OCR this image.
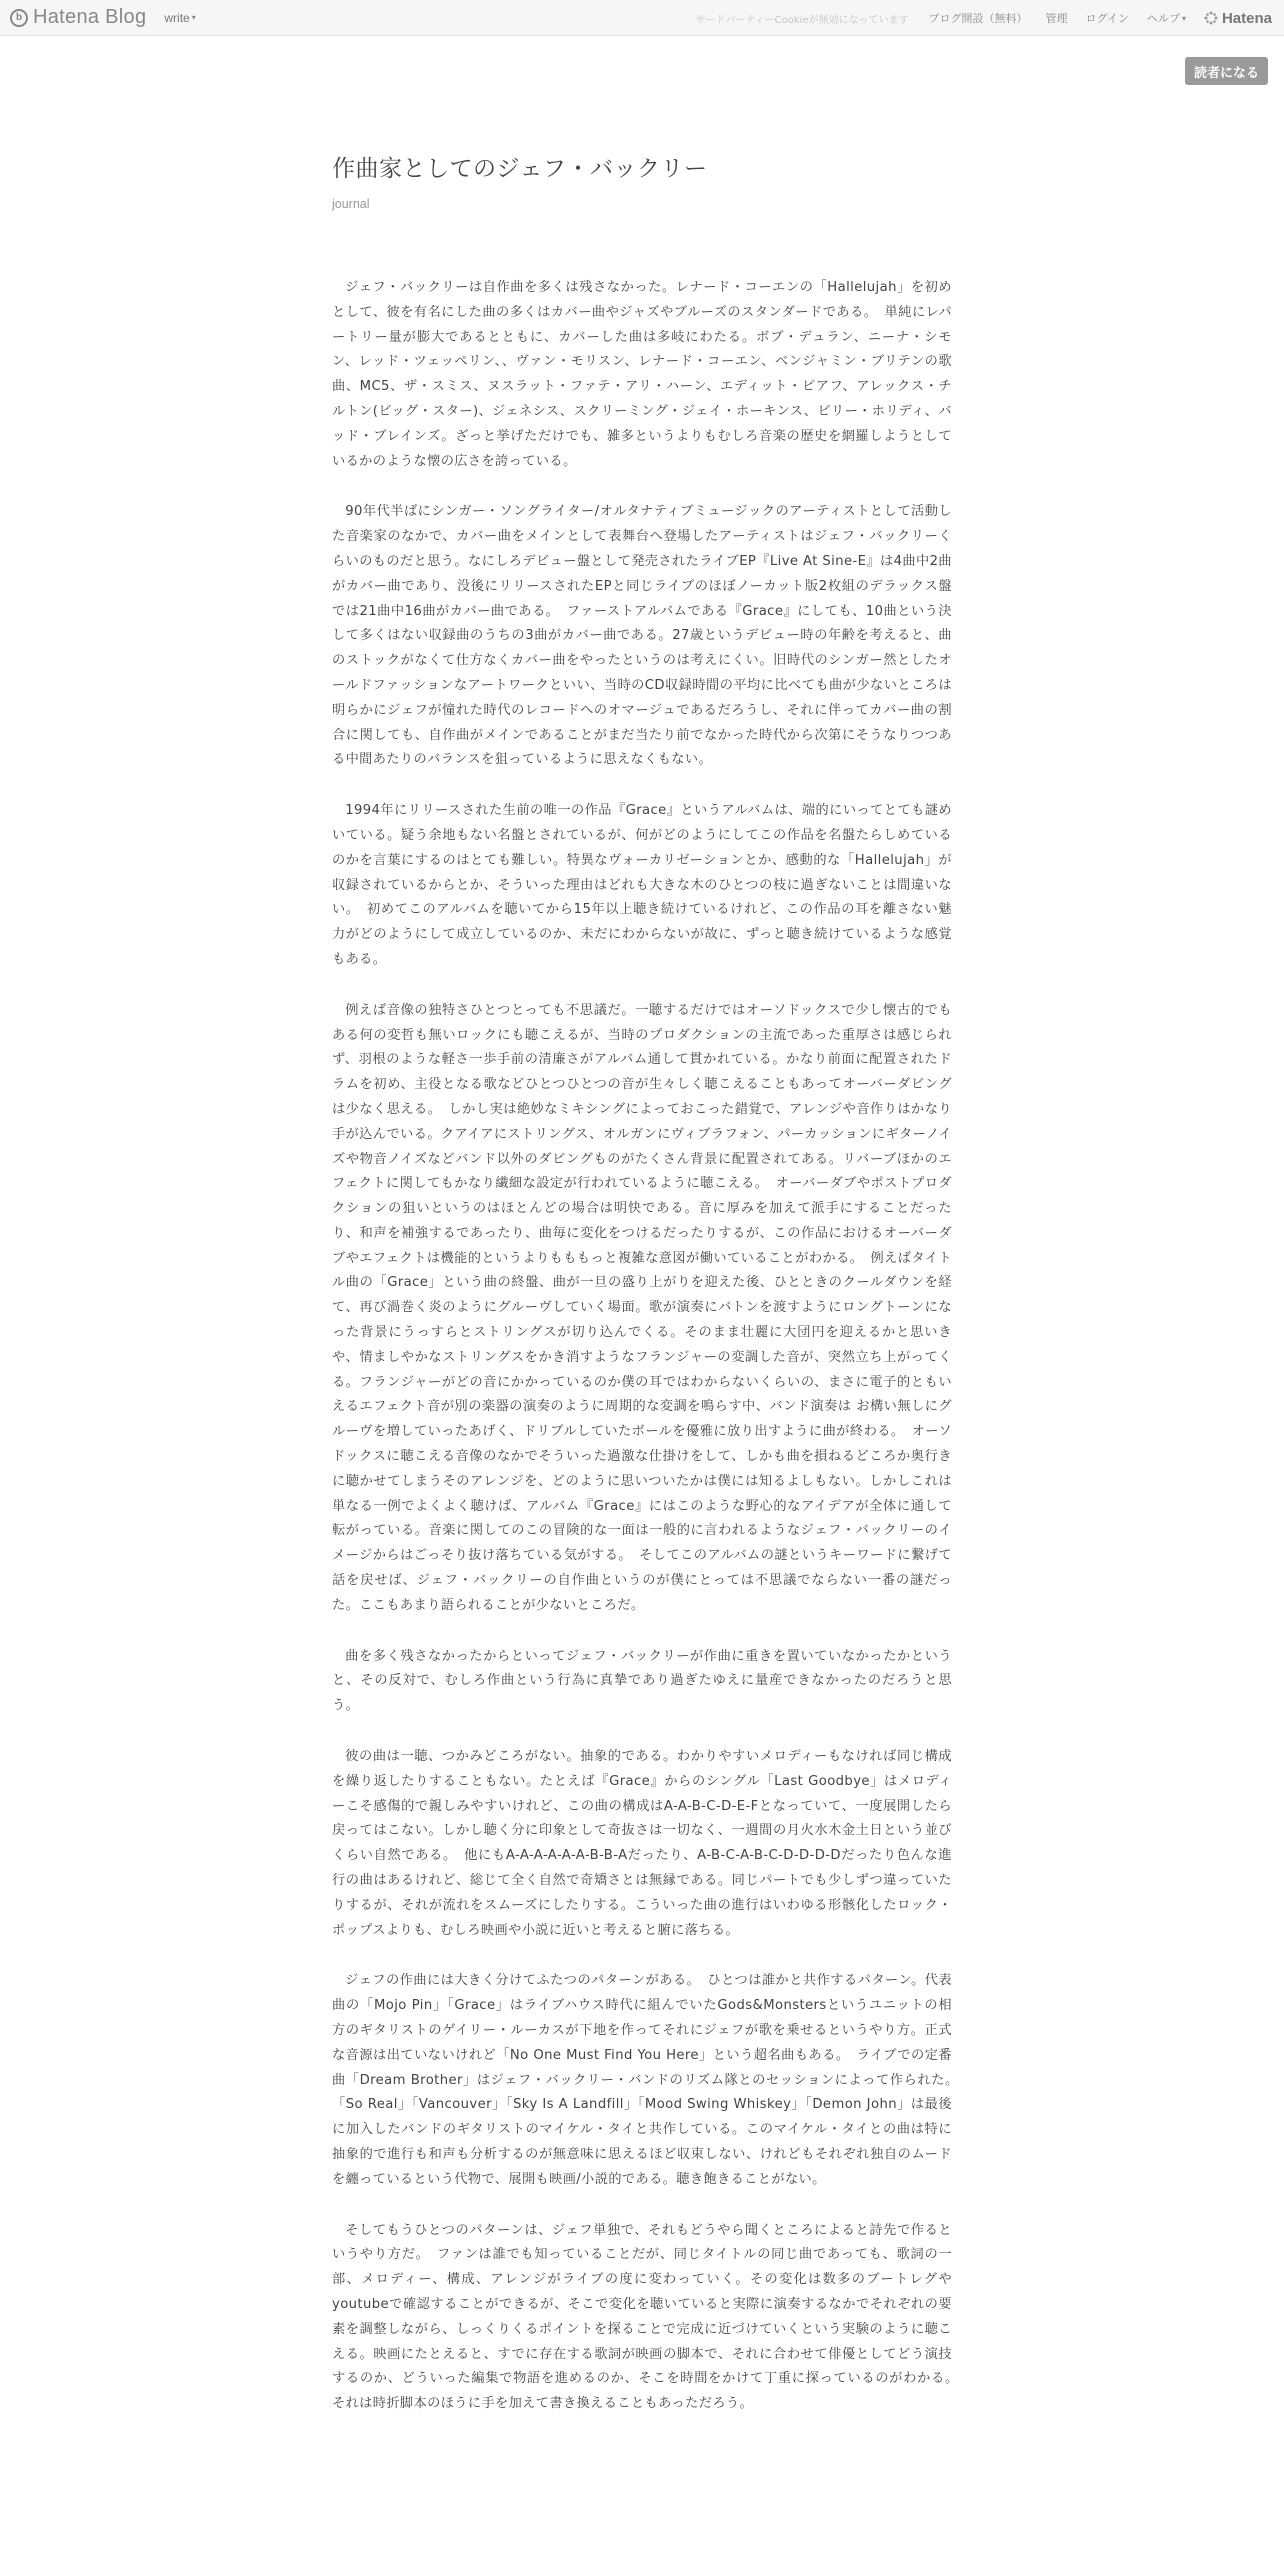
b Hatena Blog write ▾	サードパーティーCookieが無効になっています ブログ開設（無料） 管理 ログイン ヘルプ ▾ Hatena
読者になる
作曲家としてのジェフ・バックリー
journal

ジェフ・バックリーは自作曲を多くは残さなかった。レナード・コーエンの「Hallelujah」を初めとして、彼を有名にした曲の多くはカバー曲やジャズやブルーズのスタンダードである。　単純にレパートリー量が膨大であるとともに、カバーした曲は多岐にわたる。ボブ・デュラン、ニーナ・シモン、レッド・ツェッペリン、、ヴァン・モリスン、レナード・コーエン、ベンジャミン・ブリテンの歌曲、MC5、ザ・スミス、ヌスラット・ファテ・アリ・ハーン、エディット・ピアフ、アレックス・チルトン(ビッグ・スター)、ジェネシス、スクリーミング・ジェイ・ホーキンス、ビリー・ホリディ、バッド・ブレインズ。ざっと挙げただけでも、雑多というよりもむしろ音楽の歴史を網羅しようとしているかのような懐の広さを誇っている。

90年代半ばにシンガー・ソングライター/オルタナティブミュージックのアーティストとして活動した音楽家のなかで、カバー曲をメインとして表舞台へ登場したアーティストはジェフ・バックリーくらいのものだと思う。なにしろデビュー盤として発売されたライブEP『Live At Sine-E』は4曲中2曲がカバー曲であり、没後にリリースされたEPと同じライブのほぼノーカット版2枚組のデラックス盤では21曲中16曲がカバー曲である。　ファーストアルバムである『Grace』にしても、10曲という決して多くはない収録曲のうちの3曲がカバー曲である。27歳というデビュー時の年齢を考えると、曲のストックがなくて仕方なくカバー曲をやったというのは考えにくい。旧時代のシンガー然としたオールドファッションなアートワークといい、当時のCD収録時間の平均に比べても曲が少ないところは明らかにジェフが憧れた時代のレコードへのオマージュであるだろうし、それに伴ってカバー曲の割合に関しても、自作曲がメインであることがまだ当たり前でなかった時代から次第にそうなりつつある中間あたりのバランスを狙っているように思えなくもない。

1994年にリリースされた生前の唯一の作品『Grace』というアルバムは、端的にいってとても謎めいている。疑う余地もない名盤とされているが、何がどのようにしてこの作品を名盤たらしめているのかを言葉にするのはとても難しい。特異なヴォーカリゼーションとか、感動的な「Hallelujah」が収録されているからとか、そういった理由はどれも大きな木のひとつの枝に過ぎないことは間違いない。　初めてこのアルバムを聴いてから15年以上聴き続けているけれど、この作品の耳を離さない魅力がどのようにして成立しているのか、未だにわからないが故に、ずっと聴き続けているような感覚もある。

例えば音像の独特さひとつとっても不思議だ。一聴するだけではオーソドックスで少し懐古的でもある何の変哲も無いロックにも聴こえるが、当時のプロダクションの主流であった重厚さは感じられず、羽根のような軽さ一歩手前の清廉さがアルバム通して貫かれている。かなり前面に配置されたドラムを初め、主役となる歌などひとつひとつの音が生々しく聴こえることもあってオーバーダビングは少なく思える。　しかし実は絶妙なミキシングによっておこった錯覚で、アレンジや音作りはかなり手が込んでいる。クアイアにストリングス、オルガンにヴィブラフォン、パーカッションにギターノイズや物音ノイズなどバンド以外のダビングものがたくさん背景に配置されてある。リバーブほかのエフェクトに関してもかなり繊細な設定が行われているように聴こえる。　オーバーダブやポストプロダクションの狙いというのはほとんどの場合は明快である。音に厚みを加えて派手にすることだったり、和声を補強するであったり、曲毎に変化をつけるだったりするが、この作品におけるオーバーダブやエフェクトは機能的というよりもももっと複雑な意図が働いていることがわかる。　例えばタイトル曲の「Grace」という曲の終盤、曲が一旦の盛り上がりを迎えた後、ひとときのクールダウンを経て、再び渦巻く炎のようにグルーヴしていく場面。歌が演奏にバトンを渡すようにロングトーンになった背景にうっすらとストリングスが切り込んでくる。そのまま壮麗に大団円を迎えるかと思いきや、情ましやかなストリングスをかき消すようなフランジャーの変調した音が、突然立ち上がってくる。フランジャーがどの音にかかっているのか僕の耳ではわからないくらいの、まさに電子的ともいえるエフェクト音が別の楽器の演奏のように周期的な変調を鳴らす中、バンド演奏は お構い無しにグルーヴを増していったあげく、ドリブルしていたボールを優雅に放り出すように曲が終わる。　オーソドックスに聴こえる音像のなかでそういった過激な仕掛けをして、しかも曲を損ねるどころか奥行きに聴かせてしまうそのアレンジを、どのように思いついたかは僕には知るよしもない。しかしこれは単なる一例でよくよく聴けば、アルバム『Grace』にはこのような野心的なアイデアが全体に通して転がっている。音楽に関してのこの冒険的な一面は一般的に言われるようなジェフ・バックリーのイメージからはごっそり抜け落ちている気がする。　そしてこのアルバムの謎というキーワードに繋げて話を戻せば、ジェフ・バックリーの自作曲というのが僕にとっては不思議でならない一番の謎だった。ここもあまり語られることが少ないところだ。

曲を多く残さなかったからといってジェフ・バックリーが作曲に重きを置いていなかったかというと、その反対で、むしろ作曲という行為に真摯であり過ぎたゆえに量産できなかったのだろうと思う。

彼の曲は一聴、つかみどころがない。抽象的である。わかりやすいメロディーもなければ同じ構成を繰り返したりすることもない。たとえば『Grace』からのシングル「Last Goodbye」はメロディーこそ感傷的で親しみやすいけれど、この曲の構成はA-A-B-C-D-E-Fとなっていて、一度展開したら戻ってはこない。しかし聴く分に印象として奇抜さは一切なく、一週間の月火水木金土日という並びくらい自然である。　他にもA-A-A-A-A-A-B-B-Aだったり、A-B-C-A-B-C-D-D-D-Dだったり色んな進行の曲はあるけれど、総じて全く自然で奇矯さとは無縁である。同じパートでも少しずつ違っていたりするが、それが流れをスムーズにしたりする。こういった曲の進行はいわゆる形骸化したロック・ポップスよりも、むしろ映画や小説に近いと考えると腑に落ちる。

ジェフの作曲には大きく分けてふたつのパターンがある。　ひとつは誰かと共作するパターン。代表曲の「Mojo Pin」「Grace」はライブハウス時代に組んでいたGods&Monstersというユニットの相方のギタリストのゲイリー・ルーカスが下地を作ってそれにジェフが歌を乗せるというやり方。正式な音源は出ていないけれど「No One Must Find You Here」という超名曲もある。　ライブでの定番曲「Dream Brother」はジェフ・バックリー・バンドのリズム隊とのセッションによって作られた。　「So Real」「Vancouver」「Sky Is A Landfill」「Mood Swing Whiskey」「Demon John」は最後に加入したバンドのギタリストのマイケル・タイと共作している。このマイケル・タイとの曲は特に抽象的で進行も和声も分析するのが無意味に思えるほど収束しない、けれどもそれぞれ独自のムードを纏っているという代物で、展開も映画/小説的である。聴き飽きることがない。

そしてもうひとつのパターンは、ジェフ単独で、それもどうやら聞くところによると詩先で作るというやり方だ。　ファンは誰でも知っていることだが、同じタイトルの同じ曲であっても、歌詞の一部、メロディー、構成、アレンジがライブの度に変わっていく。その変化は数多のブートレグやyoutubeで確認することができるが、そこで変化を聴いていると実際に演奏するなかでそれぞれの要素を調整しながら、しっくりくるポイントを探ることで完成に近づけていくという実験のように聴こえる。映画にたとえると、すでに存在する歌詞が映画の脚本で、それに合わせて俳優としてどう演技するのか、どういった編集で物語を進めるのか、そこを時間をかけて丁重に探っているのがわかる。　それは時折脚本のほうに手を加えて書き換えることもあっただろう。
